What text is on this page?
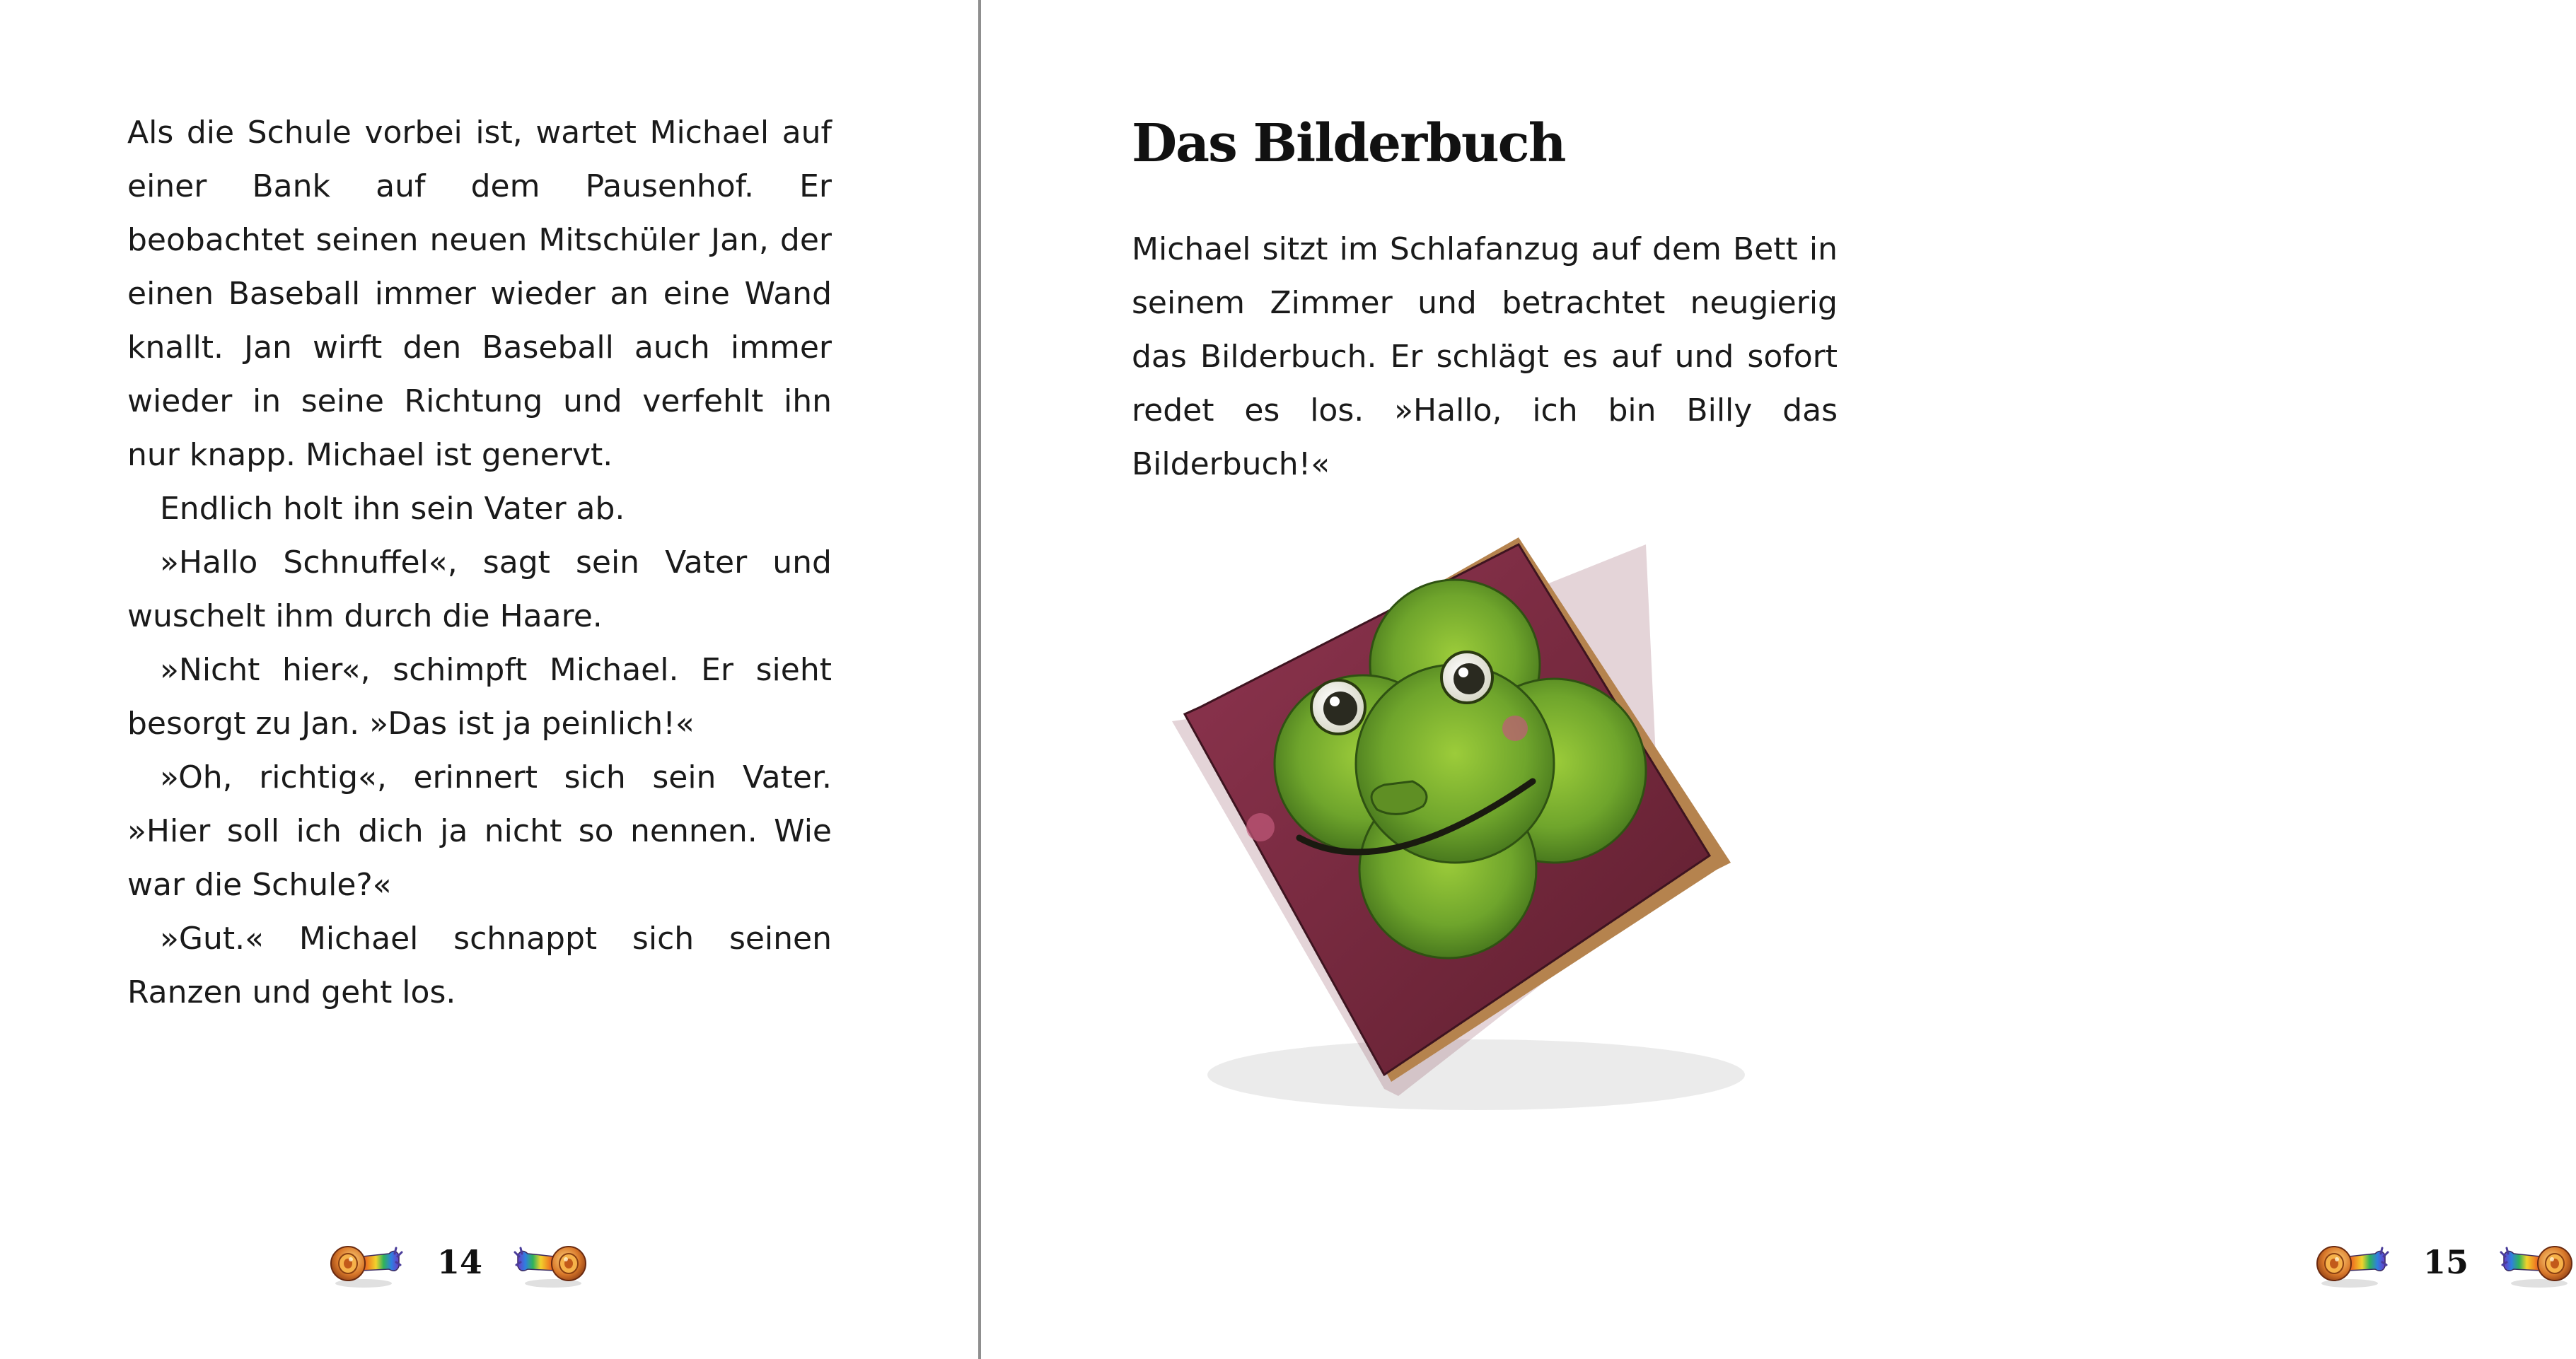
Als die Schule vorbei ist, wartet Michael auf einer Bank auf dem Pausenhof. Er beobachtet seinen neuen Mitschüler Jan, der einen Baseball immer wieder an eine Wand knallt. Jan wirft den Baseball auch immer wieder in seine Richtung und verfehlt ihn nur knapp. Michael ist genervt.

Endlich holt ihn sein Vater ab.

»Hallo Schnuffel«, sagt sein Vater und wuschelt ihm durch die Haare.

»Nicht hier«, schimpft Michael. Er sieht besorgt zu Jan. »Das ist ja peinlich!«

»Oh, richtig«, erinnert sich sein Vater. »Hier soll ich dich ja nicht so nennen. Wie war die Schule?«

»Gut.« Michael schnappt sich seinen Ranzen und geht los.

14
Das Bilderbuch

Michael sitzt im Schlafanzug auf dem Bett in seinem Zimmer und betrachtet neugierig das Bilderbuch. Er schlägt es auf und sofort redet es los. »Hallo, ich bin Billy das Bilderbuch!«

15
